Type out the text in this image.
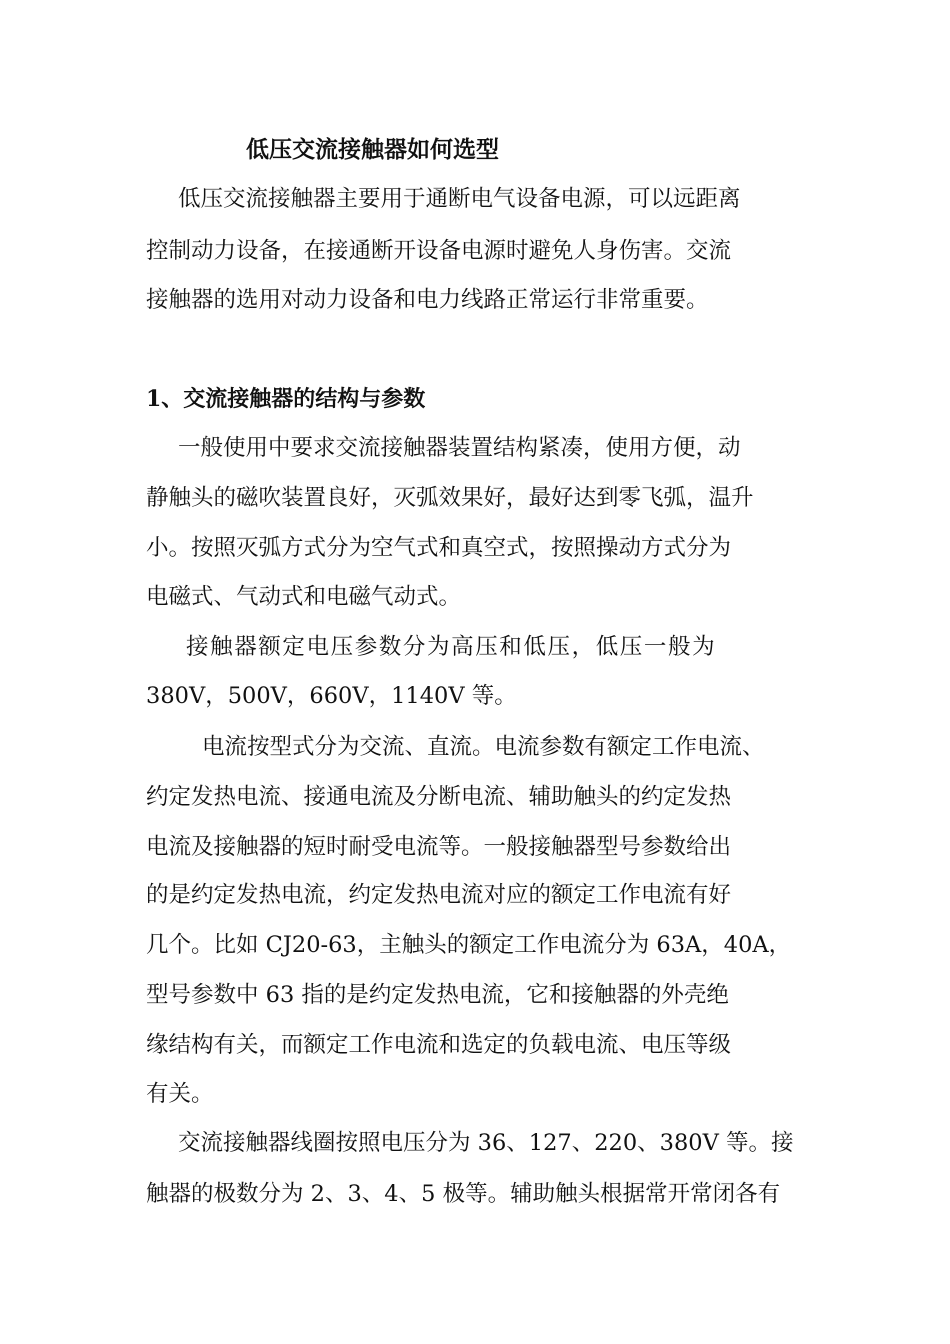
低压交流接触器如何选型
低压交流接触器主要用于通断电气设备电源，可以远距离
控制动力设备，在接通断开设备电源时避免人身伤害。交流
接触器的选用对动力设备和电力线路正常运行非常重要。
1、交流接触器的结构与参数
一般使用中要求交流接触器装置结构紧凑，使用方便，动
静触头的磁吹装置良好，灭弧效果好，最好达到零飞弧，温升
小。按照灭弧方式分为空气式和真空式，按照操动方式分为
电磁式、气动式和电磁气动式。
接触器额定电压参数分为高压和低压，低压一般为
380V，500V，660V，1140V 等。
电流按型式分为交流、直流。电流参数有额定工作电流、
约定发热电流、接通电流及分断电流、辅助触头的约定发热
电流及接触器的短时耐受电流等。一般接触器型号参数给出
的是约定发热电流，约定发热电流对应的额定工作电流有好
几个。比如 CJ20-63，主触头的额定工作电流分为 63A，40A，
型号参数中 63 指的是约定发热电流，它和接触器的外壳绝
缘结构有关，而额定工作电流和选定的负载电流、电压等级
有关。
交流接触器线圈按照电压分为 36、127、220、380V 等。接
触器的极数分为 2、3、4、5 极等。辅助触头根据常开常闭各有
